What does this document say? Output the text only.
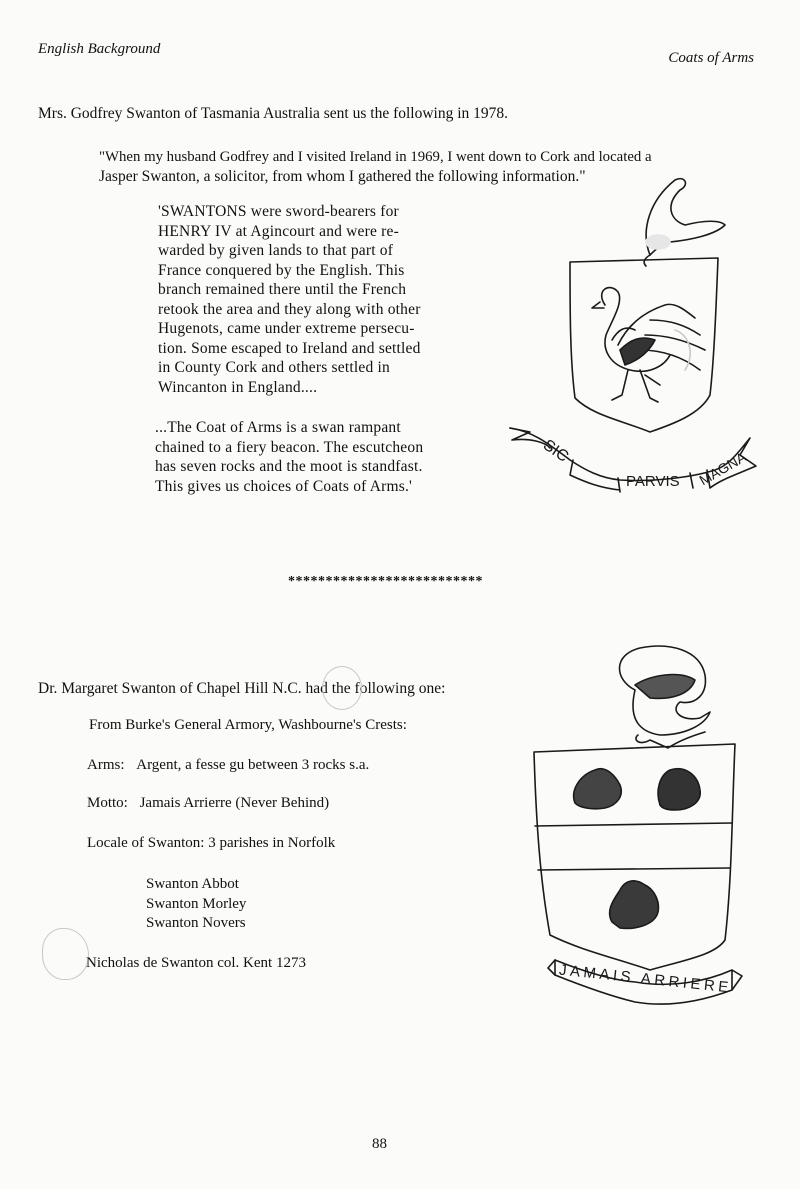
English Background
Coats of Arms
Mrs. Godfrey Swanton of Tasmania Australia sent us the following in 1978.
"When my husband Godfrey and I visited Ireland in 1969, I went down to Cork and located a
Jasper Swanton, a solicitor, from whom I gathered the following information."
'SWANTONS were sword-bearers for
HENRY IV at Agincourt and were re-
warded by given lands to that part of
France conquered by the English. This
branch remained there until the French
retook the area and they along with other
Hugenots, came under extreme persecu-
tion. Some escaped to Ireland and settled
in County Cork and others settled in
Wincanton in England....
...The Coat of Arms is a swan rampant
chained to a fiery beacon. The escutcheon
has seven rocks and the moot is standfast.
This gives us choices of Coats of Arms.'
SIC
PARVIS MAGNA
**************************
Dr. Margaret Swanton of Chapel Hill N.C. had the following one:
From Burke's General Armory, Washbourne's Crests:
Arms: Argent, a fesse gu between 3 rocks s.a.
Motto: Jamais Arrierre (Never Behind)
Locale of Swanton: 3 parishes in Norfolk
Swanton Abbot
Swanton Morley
Swanton Novers
Nicholas de Swanton col. Kent 1273	JAMAIS ARRIERE
88
